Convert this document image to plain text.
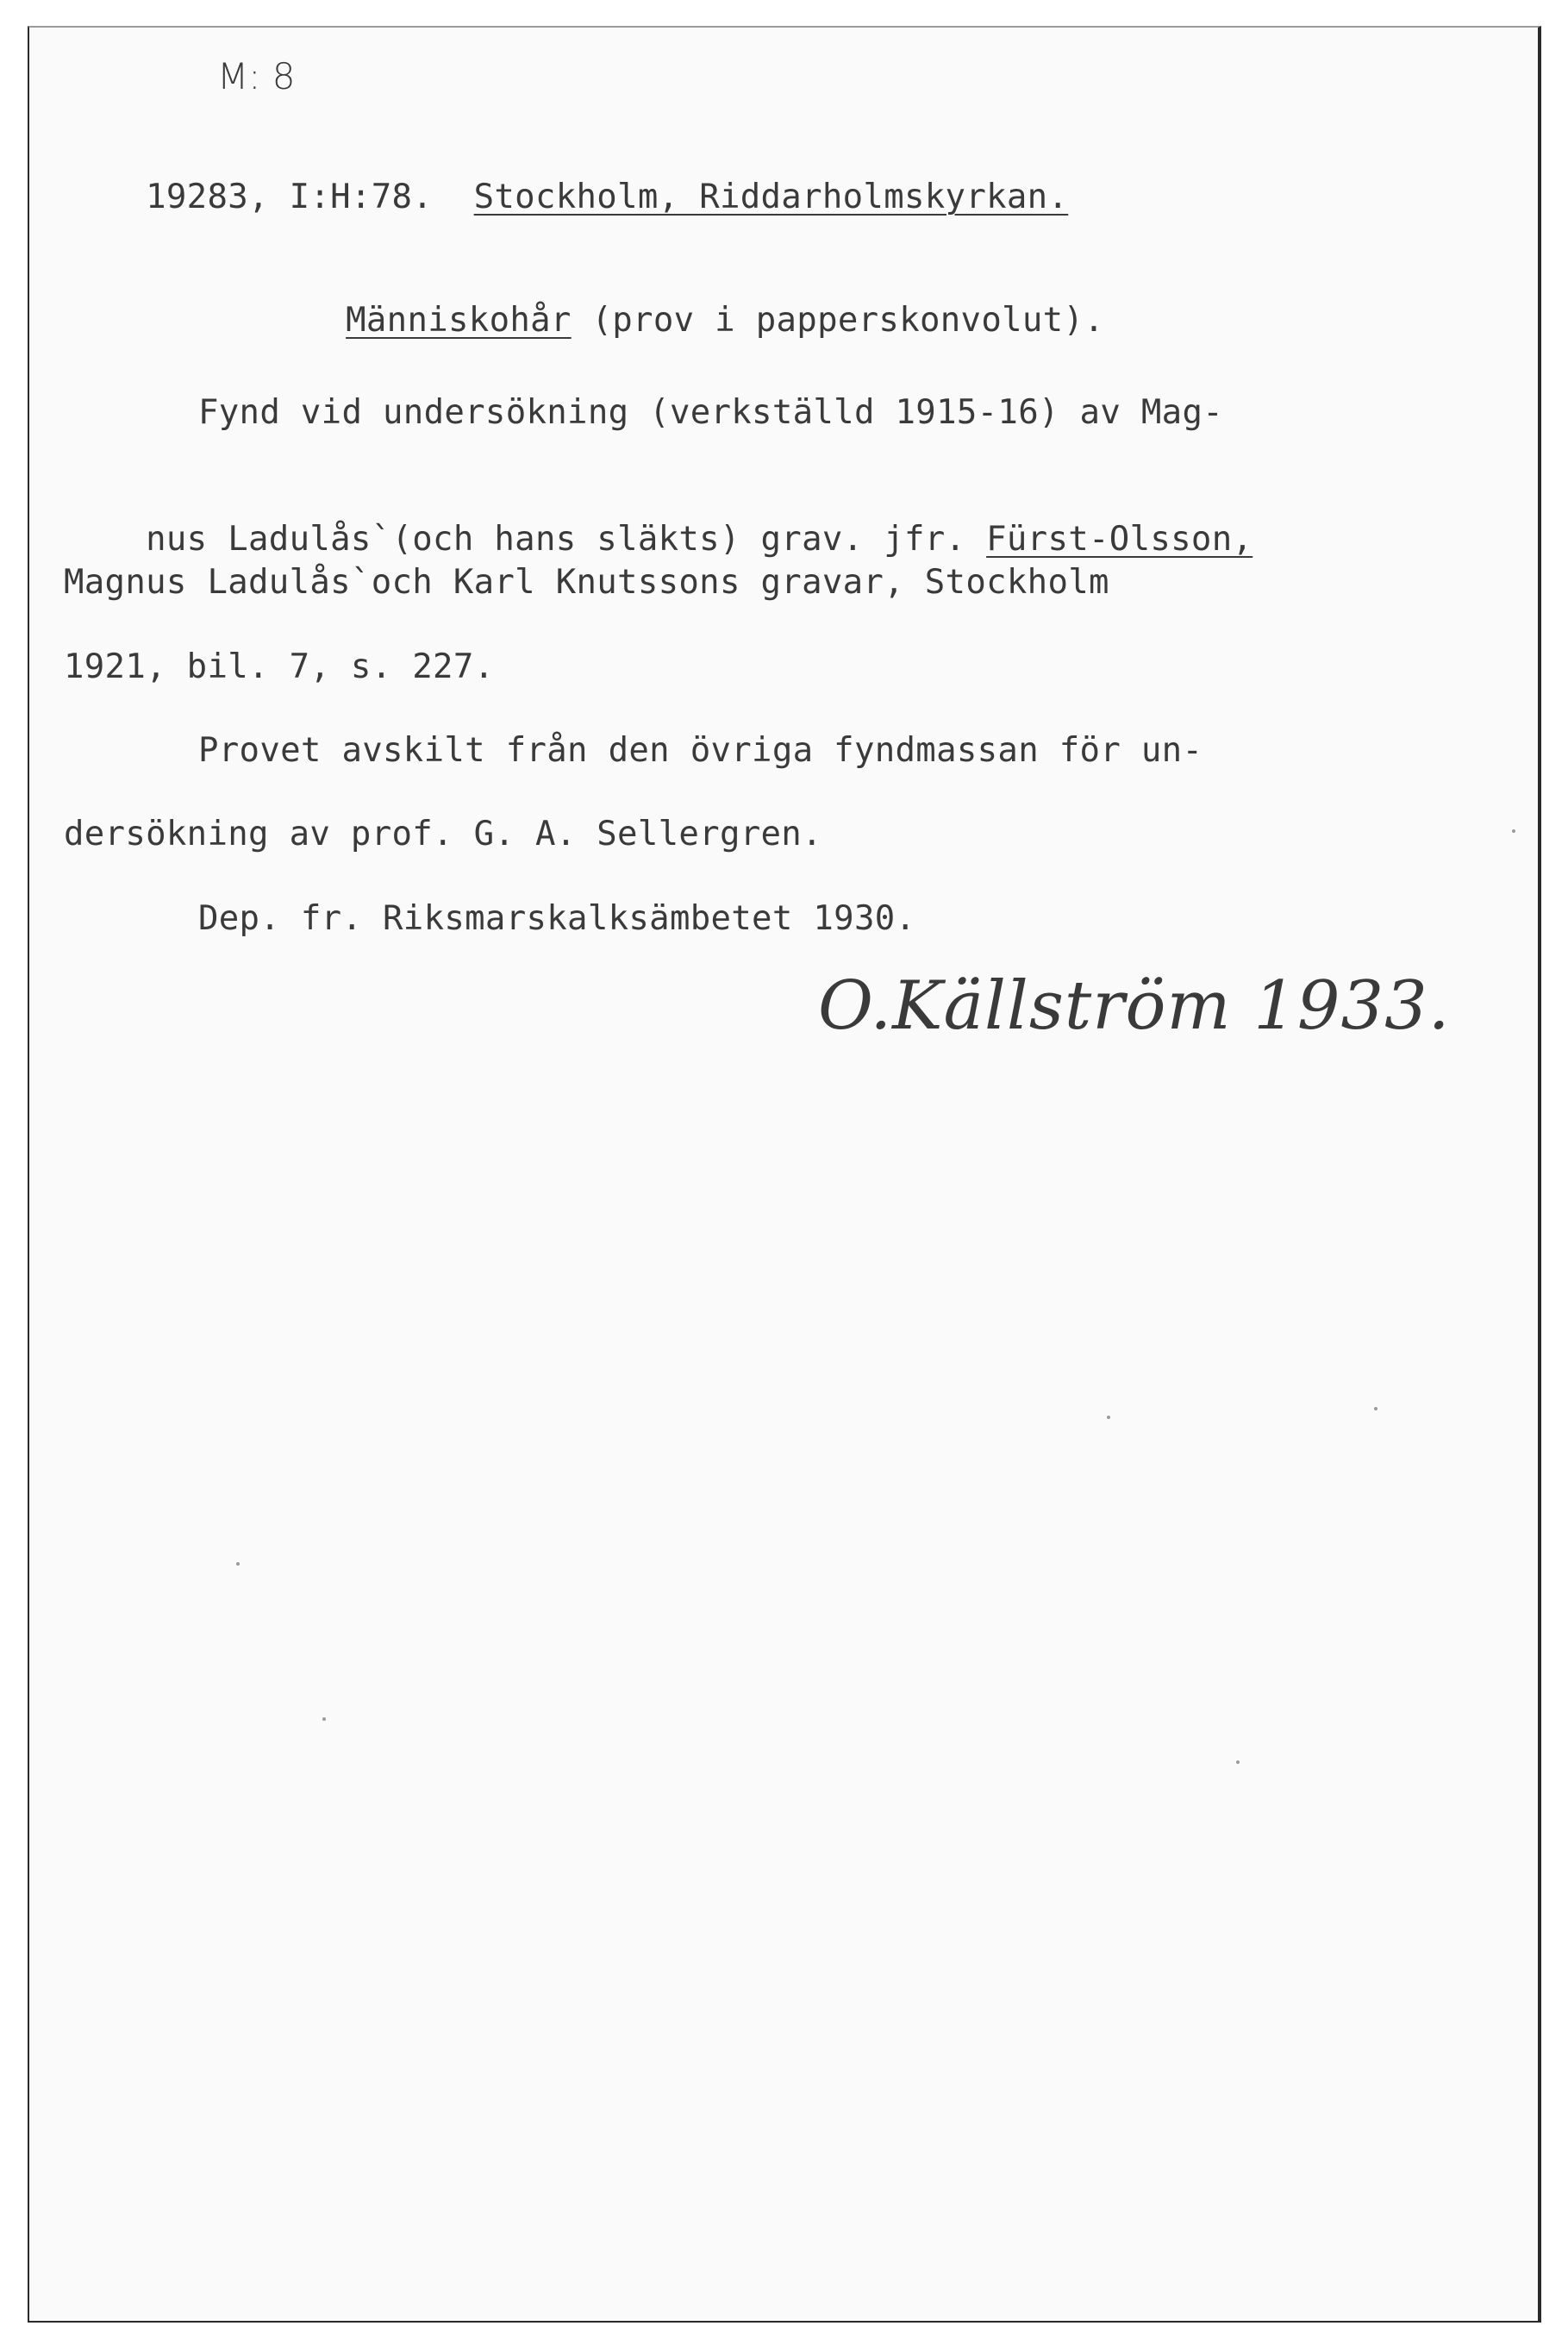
M: 8

19283, I:H:78. Stockholm, Riddarholmskyrkan.

Människohår (prov i papperskonvolut).

Fynd vid undersökning (verkställd 1915-16) av Mag-

nus Ladulås`(och hans släkts) grav. jfr. Fürst-Olsson,

Magnus Ladulås`och Karl Knutssons gravar, Stockholm
1921, bil. 7, s. 227.
Provet avskilt från den övriga fyndmassan för un-
dersökning av prof. G. A. Sellergren.
Dep. fr. Riksmarskalksämbetet 1930.
O.Källström 1933.
